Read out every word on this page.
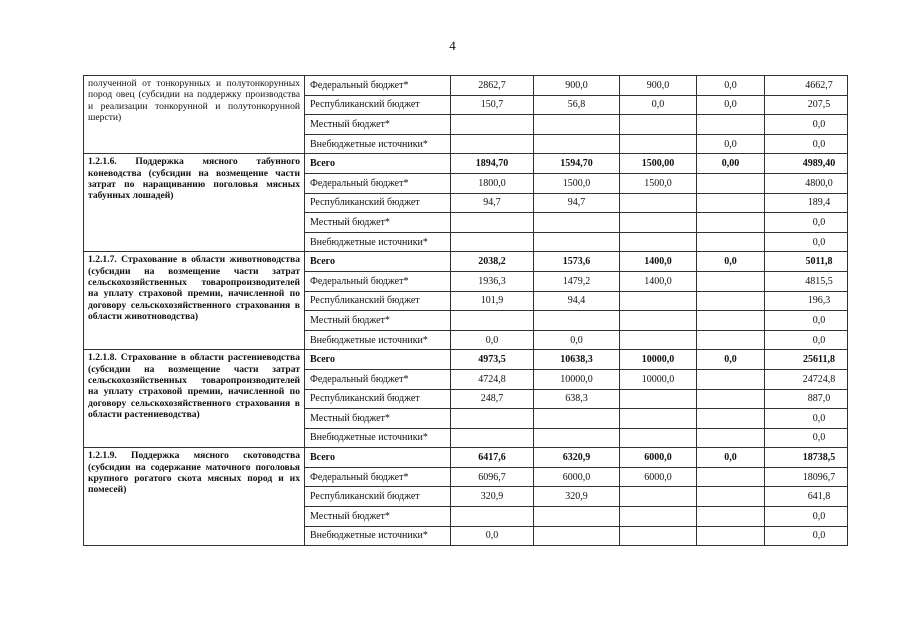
4
полученной от тонкорунных и полутонкорунных пород овец (субсидии на поддержку производства и реализации тонкорунной и полутонкорунной шерсти)	Федеральный бюджет*	2862,7	900,0	900,0	0,0	4662,7
	Республиканский бюджет	150,7	56,8	0,0	0,0	207,5
	Местный бюджет*					0,0
	Внебюджетные источники*				0,0	0,0
1.2.1.6. Поддержка мясного табунного коневодства (субсидии на возмещение части затрат по наращиванию поголовья мясных табунных лошадей)	Всего	1894,70	1594,70	1500,00	0,00	4989,40
	Федеральный бюджет*	1800,0	1500,0	1500,0		4800,0
	Республиканский бюджет	94,7	94,7			189,4
	Местный бюджет*					0,0
	Внебюджетные источники*					0,0
1.2.1.7. Страхование в области животноводства (субсидии на возмещение части затрат сельскохозяйственных товаропроизводителей на уплату страховой премии, начисленной по договору сельскохозяйственного страхования в области животноводства)	Всего	2038,2	1573,6	1400,0	0,0	5011,8
	Федеральный бюджет*	1936,3	1479,2	1400,0		4815,5
	Республиканский бюджет	101,9	94,4			196,3
	Местный бюджет*					0,0
	Внебюджетные источники*	0,0	0,0			0,0
1.2.1.8. Страхование в области растениеводства (субсидии на возмещение части затрат сельскохозяйственных товаропроизводителей на уплату страховой премии, начисленной по договору сельскохозяйственного страхования в области растениеводства)	Всего	4973,5	10638,3	10000,0	0,0	25611,8
	Федеральный бюджет*	4724,8	10000,0	10000,0		24724,8
	Республиканский бюджет	248,7	638,3			887,0
	Местный бюджет*					0,0
	Внебюджетные источники*					0,0
1.2.1.9. Поддержка мясного скотоводства (субсидии на содержание маточного поголовья крупного рогатого скота мясных пород и их помесей)	Всего	6417,6	6320,9	6000,0	0,0	18738,5
	Федеральный бюджет*	6096,7	6000,0	6000,0		18096,7
	Республиканский бюджет	320,9	320,9			641,8
	Местный бюджет*					0,0
	Внебюджетные источники*	0,0				0,0
